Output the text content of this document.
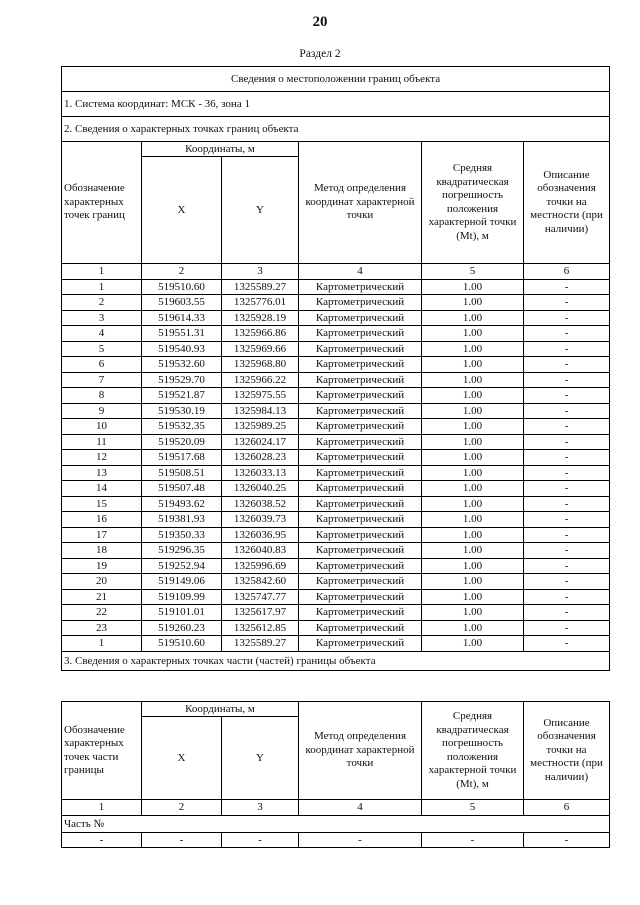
20
Раздел 2
Сведения о местоположении границ объекта					
1. Система координат: МСК - 36, зона 1					
2. Сведения о характерных точках границ объекта					
Обозначение характерных точек границ	Координаты, м		Метод определения координат характерной точки	Средняя квадратическая погрешность положения характерной точки (Mt), м	Описание обозначения точки на местности (при наличии)
	X	Y			
1	2	3	4	5	6
1	519510.60	1325589.27	Картометрический	1.00	-
2	519603.55	1325776.01	Картометрический	1.00	-
3	519614.33	1325928.19	Картометрический	1.00	-
4	519551.31	1325966.86	Картометрический	1.00	-
5	519540.93	1325969.66	Картометрический	1.00	-
6	519532.60	1325968.80	Картометрический	1.00	-
7	519529.70	1325966.22	Картометрический	1.00	-
8	519521.87	1325975.55	Картометрический	1.00	-
9	519530.19	1325984.13	Картометрический	1.00	-
10	519532.35	1325989.25	Картометрический	1.00	-
11	519520.09	1326024.17	Картометрический	1.00	-
12	519517.68	1326028.23	Картометрический	1.00	-
13	519508.51	1326033.13	Картометрический	1.00	-
14	519507.48	1326040.25	Картометрический	1.00	-
15	519493.62	1326038.52	Картометрический	1.00	-
16	519381.93	1326039.73	Картометрический	1.00	-
17	519350.33	1326036.95	Картометрический	1.00	-
18	519296.35	1326040.83	Картометрический	1.00	-
19	519252.94	1325996.69	Картометрический	1.00	-
20	519149.06	1325842.60	Картометрический	1.00	-
21	519109.99	1325747.77	Картометрический	1.00	-
22	519101.01	1325617.97	Картометрический	1.00	-
23	519260.23	1325612.85	Картометрический	1.00	-
1	519510.60	1325589.27	Картометрический	1.00	-
3. Сведения о характерных точках части (частей) границы объекта					
Обозначение характерных точек части границы	Координаты, м		Метод определения координат характерной точки	Средняя квадратическая погрешность положения характерной точки (Mt), м	Описание обозначения точки на местности (при наличии)
	X	Y			
1	2	3	4	5	6
Часть №					
-	-	-	-	-	-
